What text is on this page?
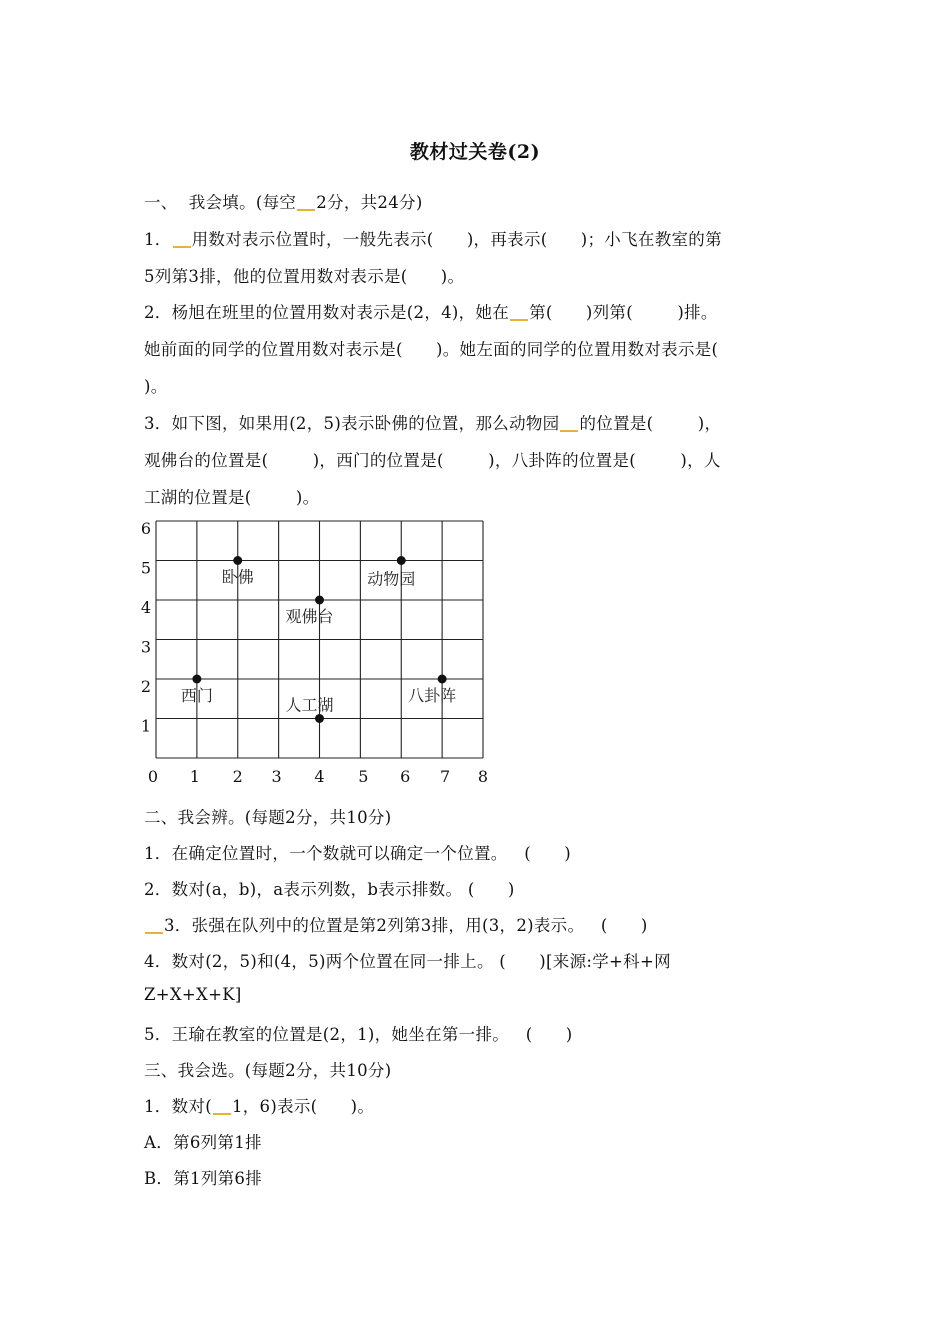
教材过关卷(2)
一、  我会填。(每空 2分，共24分)
1． 用数对表示位置时，一般先表示(      )，再表示(      )；小飞在教室的第
5列第3排，他的位置用数对表示是(      )。
2．杨旭在班里的位置用数对表示是(2，4)，她在 第(      )列第(        )排。
她前面的同学的位置用数对表示是(      )。她左面的同学的位置用数对表示是(
)。
3．如下图，如果用(2，5)表示卧佛的位置，那么动物园 的位置是(        )，
观佛台的位置是(        )，西门的位置是(        )，八卦阵的位置是(        )，人
工湖的位置是(        )。
0 1 2 3 4 5 6 7 8
1
2
3
4
5
6
卧佛	动物园
观佛台
西门	八卦阵
人工湖
二、我会辨。(每题2分，共10分)
1．在确定位置时，一个数就可以确定一个位置。   (      )
2．数对(a，b)，a表示列数，b表示排数。 (      )
3．张强在队列中的位置是第2列第3排，用(3，2)表示。   (      )
4．数对(2，5)和(4，5)两个位置在同一排上。 (      )[来源:学+科+网
Z+X+X+K]
5．王瑜在教室的位置是(2，1)，她坐在第一排。   (      )
三、我会选。(每题2分，共10分)
1．数对( 1，6)表示(      )。
A．第6列第1排
B．第1列第6排
